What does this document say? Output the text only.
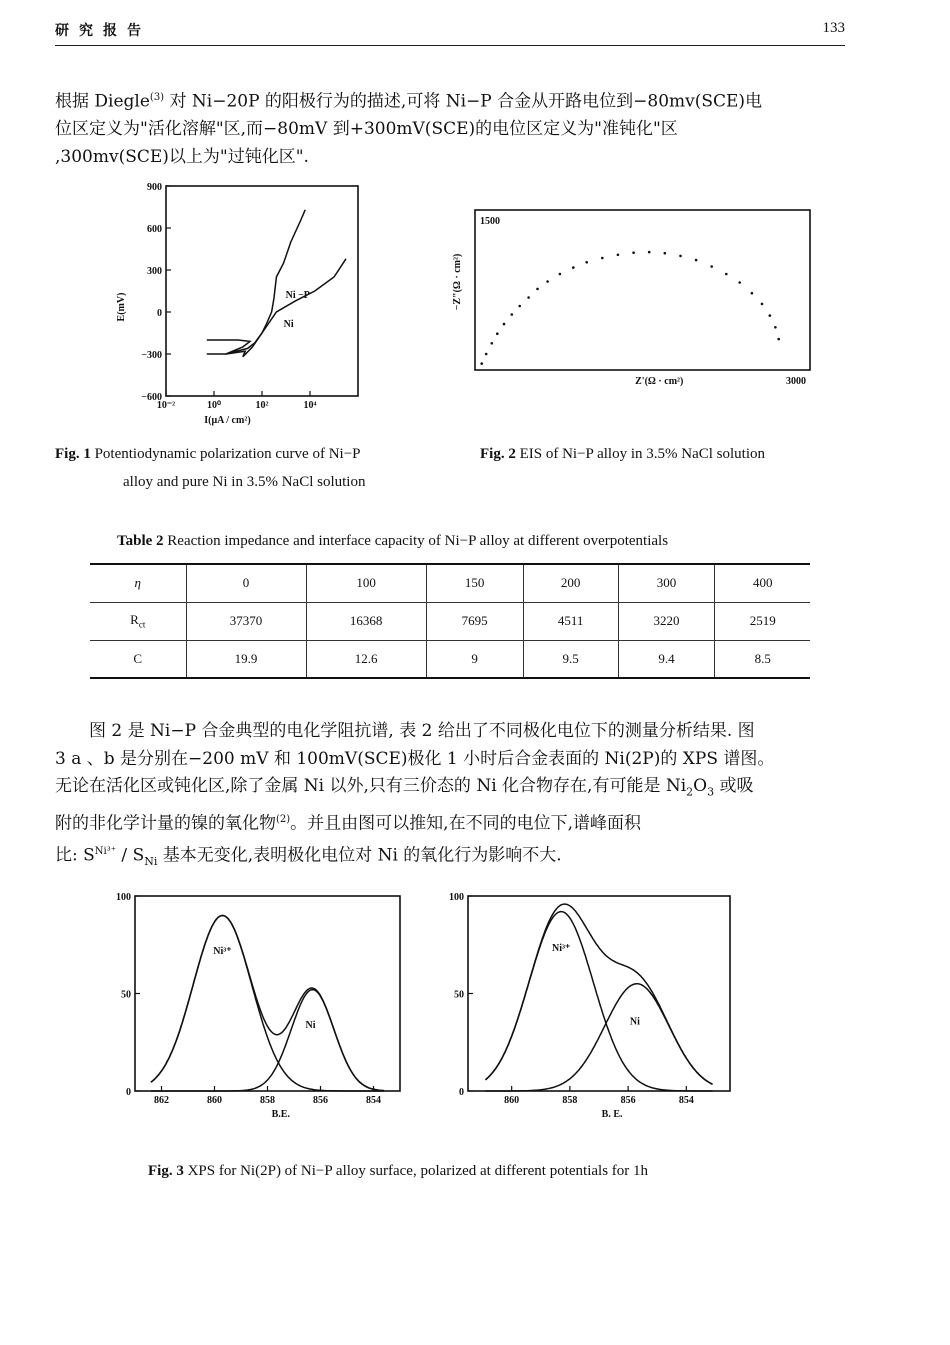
研究报告	133
根据 Diegle$^{(3)}$ 对 Ni−20P 的阳极行为的描述,可将 Ni−P 合金从开路电位到−80mv(SCE)电
位区定义为"活化溶解"区,而−80mV 到+300mV(SCE)的电位区定义为"准钝化"区
,300mv(SCE)以上为"过钝化区".
900
600
300
0
−300
−600
10⁻²	10⁰	10²	10⁴
I(μA / cm²)
E(mV)	Ni −P
Ni
Fig. 1 Potentiodynamic polarization curve of Ni−P
alloy and pure Ni in 3.5% NaCl solution
1500
3000
Z'(Ω · cm²)
−Z"(Ω · cm²)
Fig. 2 EIS of Ni−P alloy in 3.5% NaCl solution
Table 2 Reaction impedance and interface capacity of Ni−P alloy at different overpotentials
η	0	100	150	200	300	400
$R_{ct}$	37370	16368	7695	4511	3220	2519
C	19.9	12.6	9	9.5	9.4	8.5
图 2 是 Ni−P 合金典型的电化学阻抗谱, 表 2 给出了不同极化电位下的测量分析结果. 图
3 a 、b 是分别在−200 mV 和 100mV(SCE)极化 1 小时后合金表面的 Ni(2P)的 XPS 谱图。
无论在活化区或钝化区,除了金属 Ni 以外,只有三价态的 Ni 化合物存在,有可能是 $Ni_2O_3$ 或吸
附的非化学计量的镍的氧化物$^{(2)}$。并且由图可以推知,在不同的电位下,谱峰面积
比: $S^{Ni^{3+}} / S_{Ni}$ 基本无变化,表明极化电位对 Ni 的氧化行为影响不大.
100
50
0
862	860	858	856	854
B.E.
Ni³⁺
Ni
100
50
0
860	858	856	854
B. E.
Ni³⁺
Ni
Fig. 3 XPS for Ni(2P) of Ni−P alloy surface, polarized at different potentials for 1h
